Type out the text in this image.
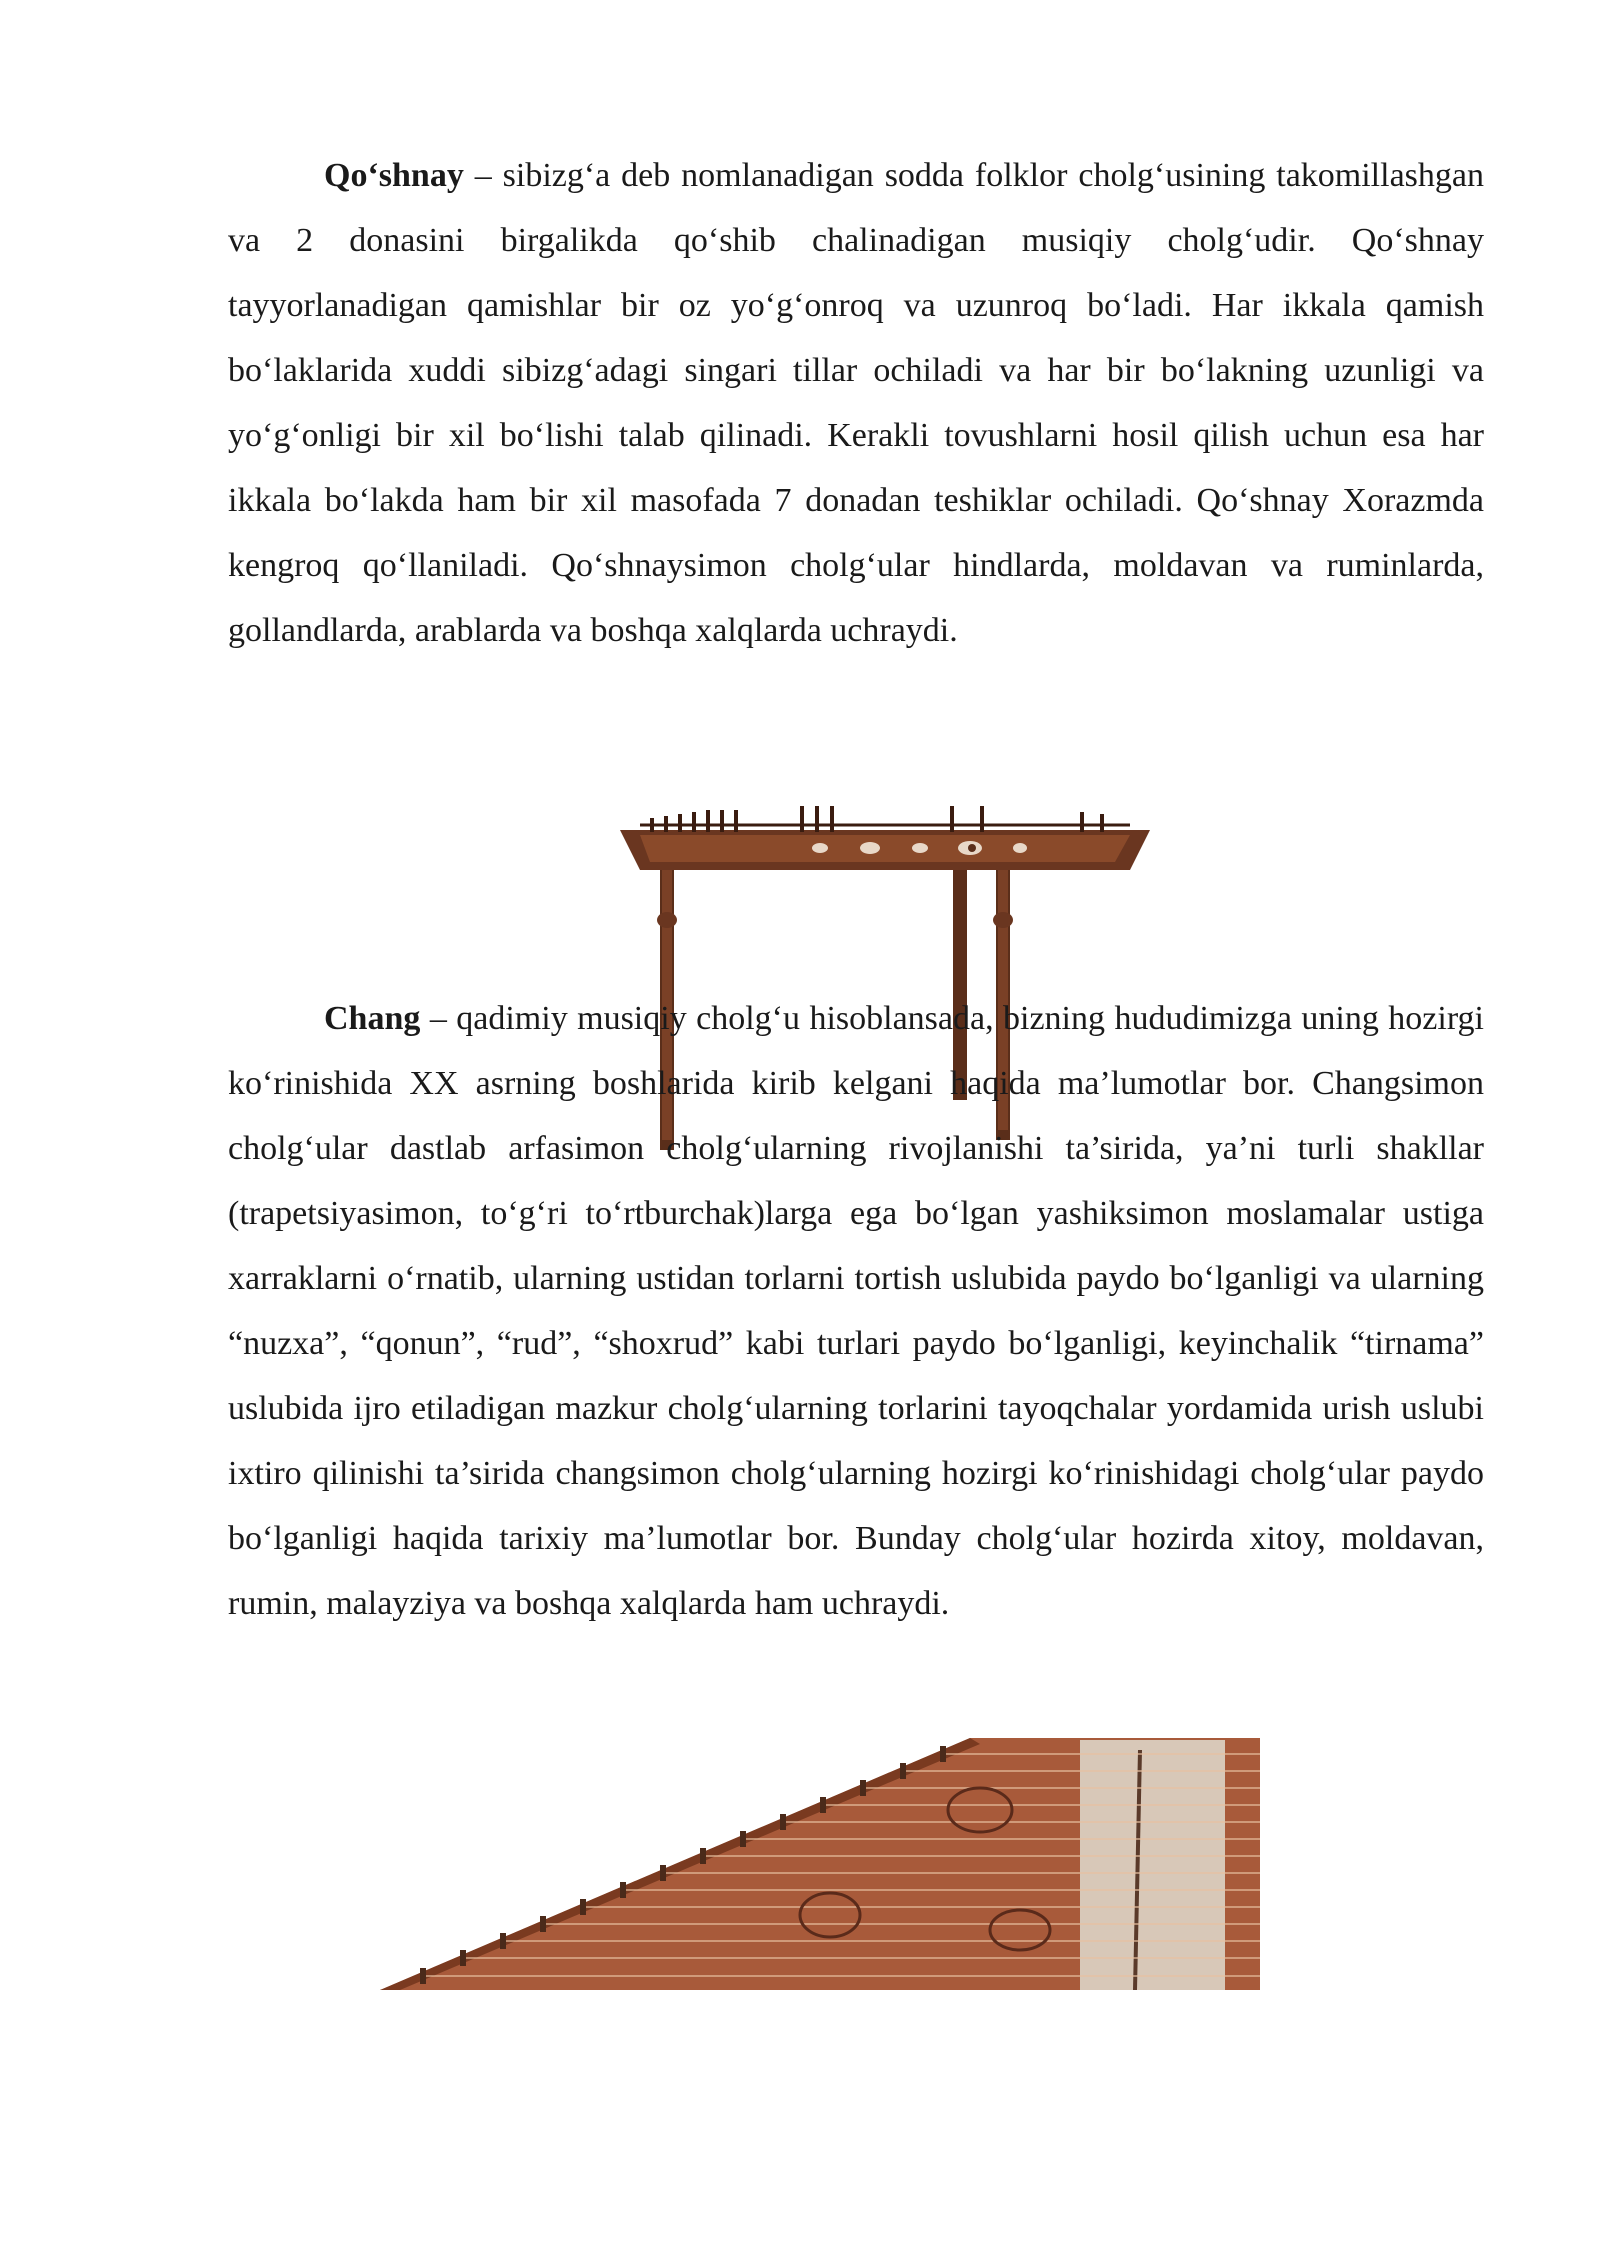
Qo‘shnay – sibizg‘a deb nomlanadigan sodda folklor cholg‘usining takomillashgan va 2 donasini birgalikda qo‘shib chalinadigan musiqiy cholg‘udir. Qo‘shnay tayyorlanadigan qamishlar bir oz yo‘g‘onroq va uzunroq bo‘ladi. Har ikkala qamish bo‘laklarida xuddi sibizg‘adagi singari tillar ochiladi va har bir bo‘lakning uzunligi va yo‘g‘onligi bir xil bo‘lishi talab qilinadi. Kerakli tovushlarni hosil qilish uchun esa har ikkala bo‘lakda ham bir xil masofada 7 donadan teshiklar ochiladi. Qo‘shnay Xorazmda kengroq qo‘llaniladi. Qo‘shnaysimon cholg‘ular hindlarda, moldavan va ruminlarda, gollandlarda, arablarda va boshqa xalqlarda uchraydi.

Chang – qadimiy musiqiy cholg‘u hisoblansada, bizning hududimizga uning hozirgi ko‘rinishida XX asrning boshlarida kirib kelgani haqida ma’lumotlar bor. Changsimon cholg‘ular dastlab arfasimon cholg‘ularning rivojlanishi ta’sirida, ya’ni turli shakllar (trapetsiyasimon, to‘g‘ri to‘rtburchak)larga ega bo‘lgan yashiksimon moslamalar ustiga xarraklarni o‘rnatib, ularning ustidan torlarni tortish uslubida paydo bo‘lganligi va ularning “nuzxa”, “qonun”, “rud”, “shoxrud” kabi turlari paydo bo‘lganligi, keyinchalik “tirnama” uslubida ijro etiladigan mazkur cholg‘ularning torlarini tayoqchalar yordamida urish uslubi ixtiro qilinishi ta’sirida changsimon cholg‘ularning hozirgi ko‘rinishidagi cholg‘ular paydo bo‘lganligi haqida tarixiy ma’lumotlar bor. Bunday cholg‘ular hozirda xitoy, moldavan, rumin, malayziya va boshqa xalqlarda ham uchraydi.
